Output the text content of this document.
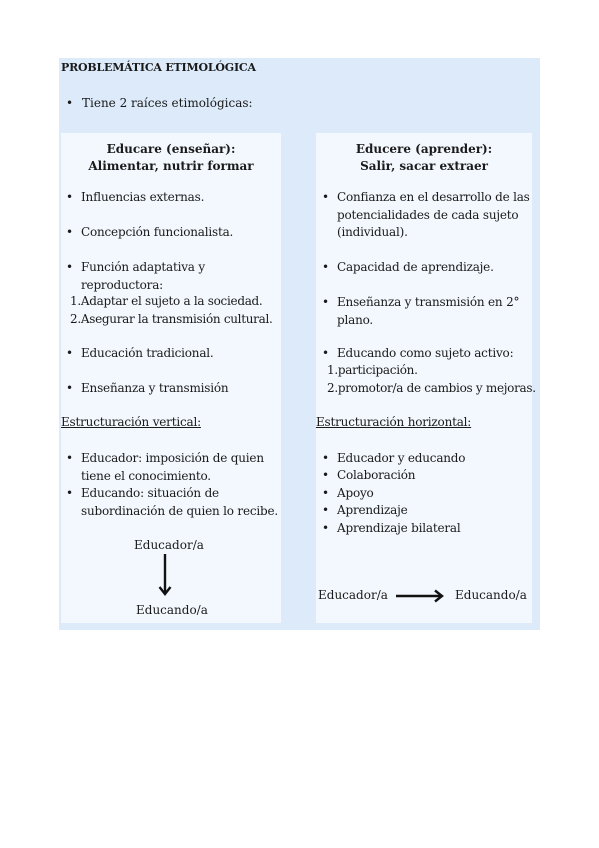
PROBLEMÁTICA ETIMOLÓGICA
• Tiene 2 raíces etimológicas:
Educare (enseñar):
Alimentar, nutrir formar
• Influencias externas.
• Concepción funcionalista.
• Función adaptativa y reproductora:
1.Adaptar el sujeto a la sociedad.
2.Asegurar la transmisión cultural.
• Educación tradicional.
• Enseñanza y transmisión
Estructuración vertical:
• Educador: imposición de quien tiene el conocimiento.
• Educando: situación de subordinación de quien lo recibe.
Educador/a
Educando/a
Educere (aprender):
Salir, sacar extraer
• Confianza en el desarrollo de las potencialidades de cada sujeto (individual).
• Capacidad de aprendizaje.
• Enseñanza y transmisión en 2° plano.
• Educando como sujeto activo:
1.participación.
2.promotor/a de cambios y mejoras.
Estructuración horizontal:
• Educador y educando
• Colaboración
• Apoyo
• Aprendizaje
• Aprendizaje bilateral
Educador/a	Educando/a
